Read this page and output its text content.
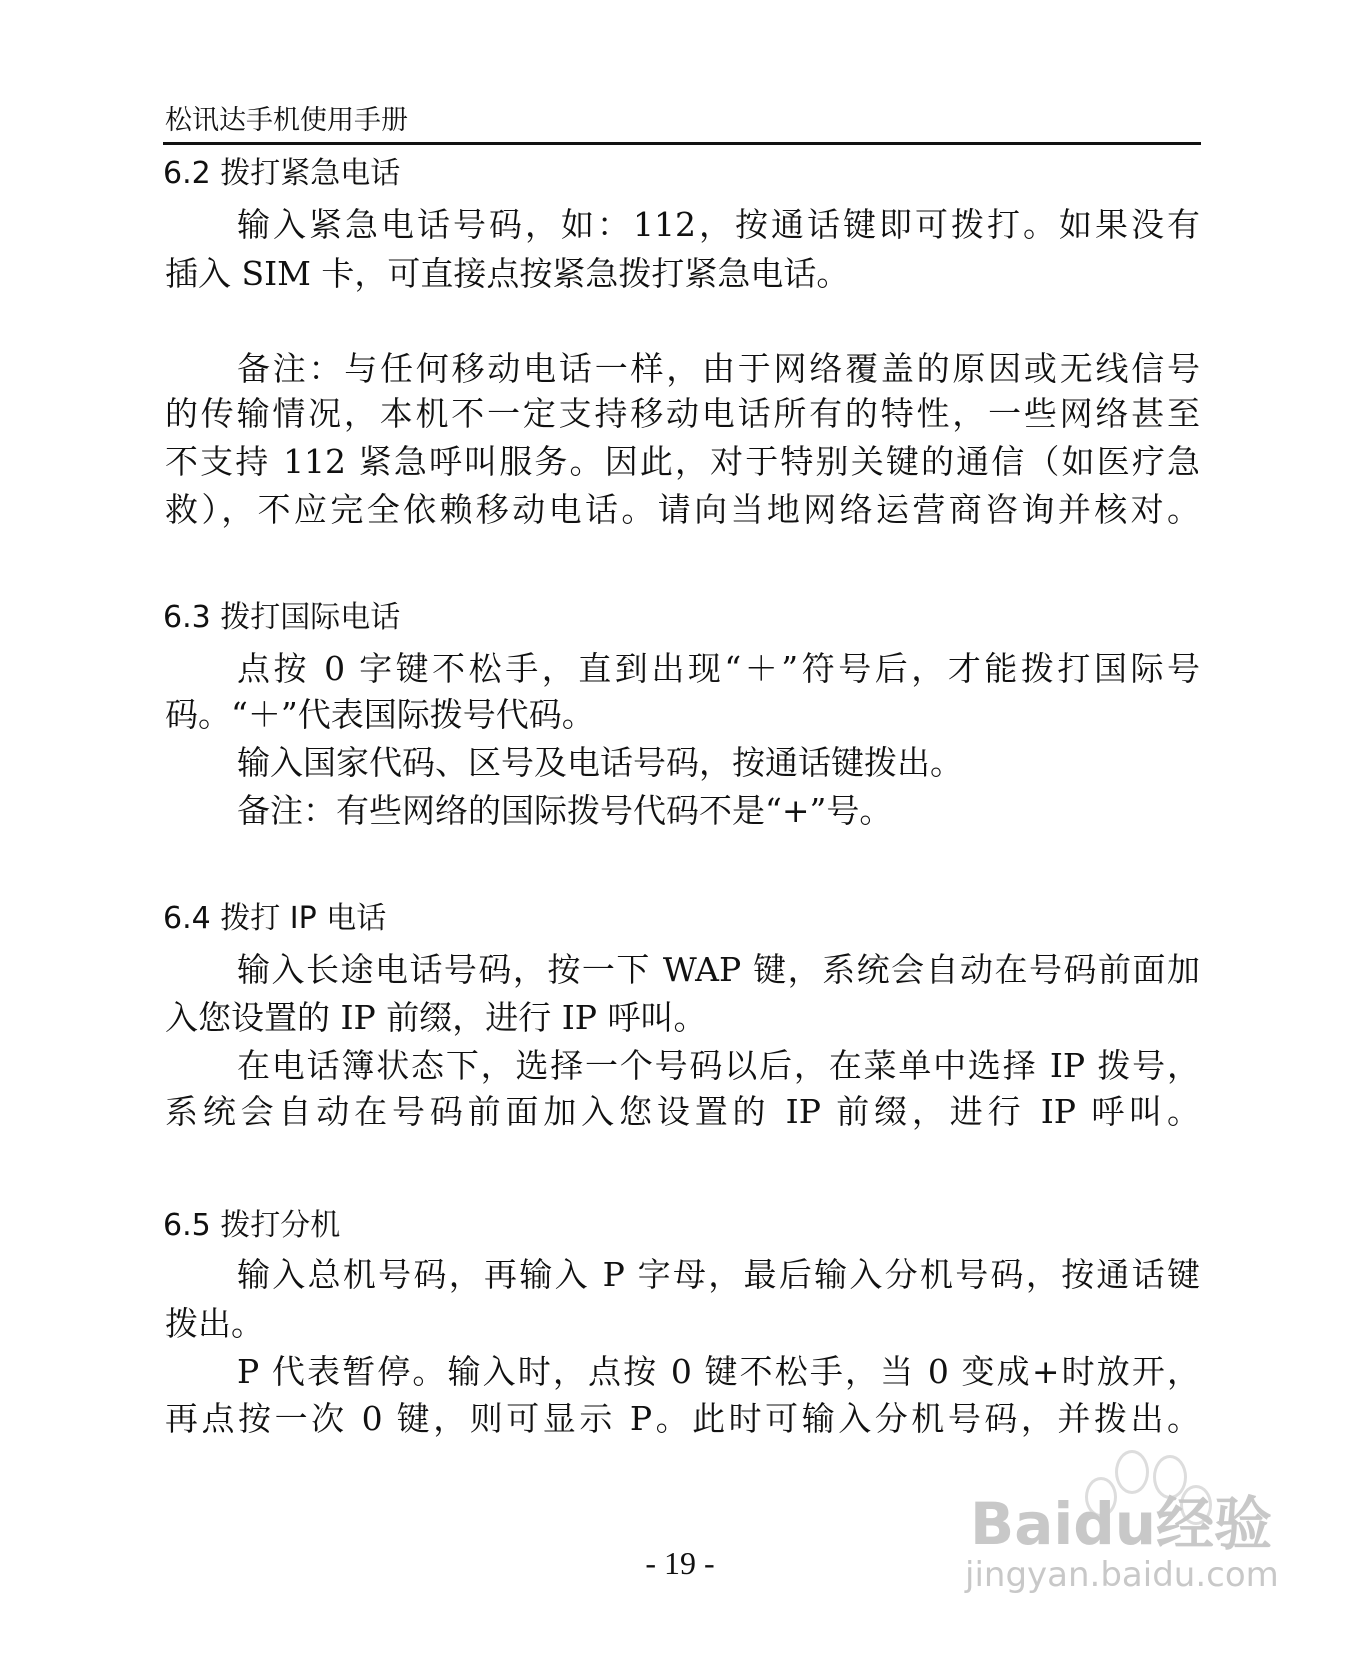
松讯达手机使用手册
6.2 拨打紧急电话
输入紧急电话号码，如：112，按通话键即可拨打。如果没有
插入 SIM 卡，可直接点按紧急拨打紧急电话。
备注：与任何移动电话一样，由于网络覆盖的原因或无线信号
的传输情况，本机不一定支持移动电话所有的特性，一些网络甚至
不支持 112 紧急呼叫服务。因此，对于特别关键的通信（如医疗急
救），不应完全依赖移动电话。请向当地网络运营商咨询并核对。
6.3 拨打国际电话
点按 0 字键不松手，直到出现“＋”符号后，才能拨打国际号
码。“＋”代表国际拨号代码。
输入国家代码、区号及电话号码，按通话键拨出。
备注：有些网络的国际拨号代码不是“+”号。
6.4 拨打 IP 电话
输入长途电话号码，按一下 WAP 键，系统会自动在号码前面加
入您设置的 IP 前缀，进行 IP 呼叫。
在电话簿状态下，选择一个号码以后，在菜单中选择 IP 拨号，
系统会自动在号码前面加入您设置的 IP 前缀，进行 IP 呼叫。
6.5 拨打分机
输入总机号码，再输入 P 字母，最后输入分机号码，按通话键
拨出。
P 代表暂停。输入时，点按 0 键不松手，当 0 变成+时放开，
再点按一次 0 键，则可显示 P。此时可输入分机号码，并拨出。
Baidu经验
jingyan.baidu.com
- 19 -
